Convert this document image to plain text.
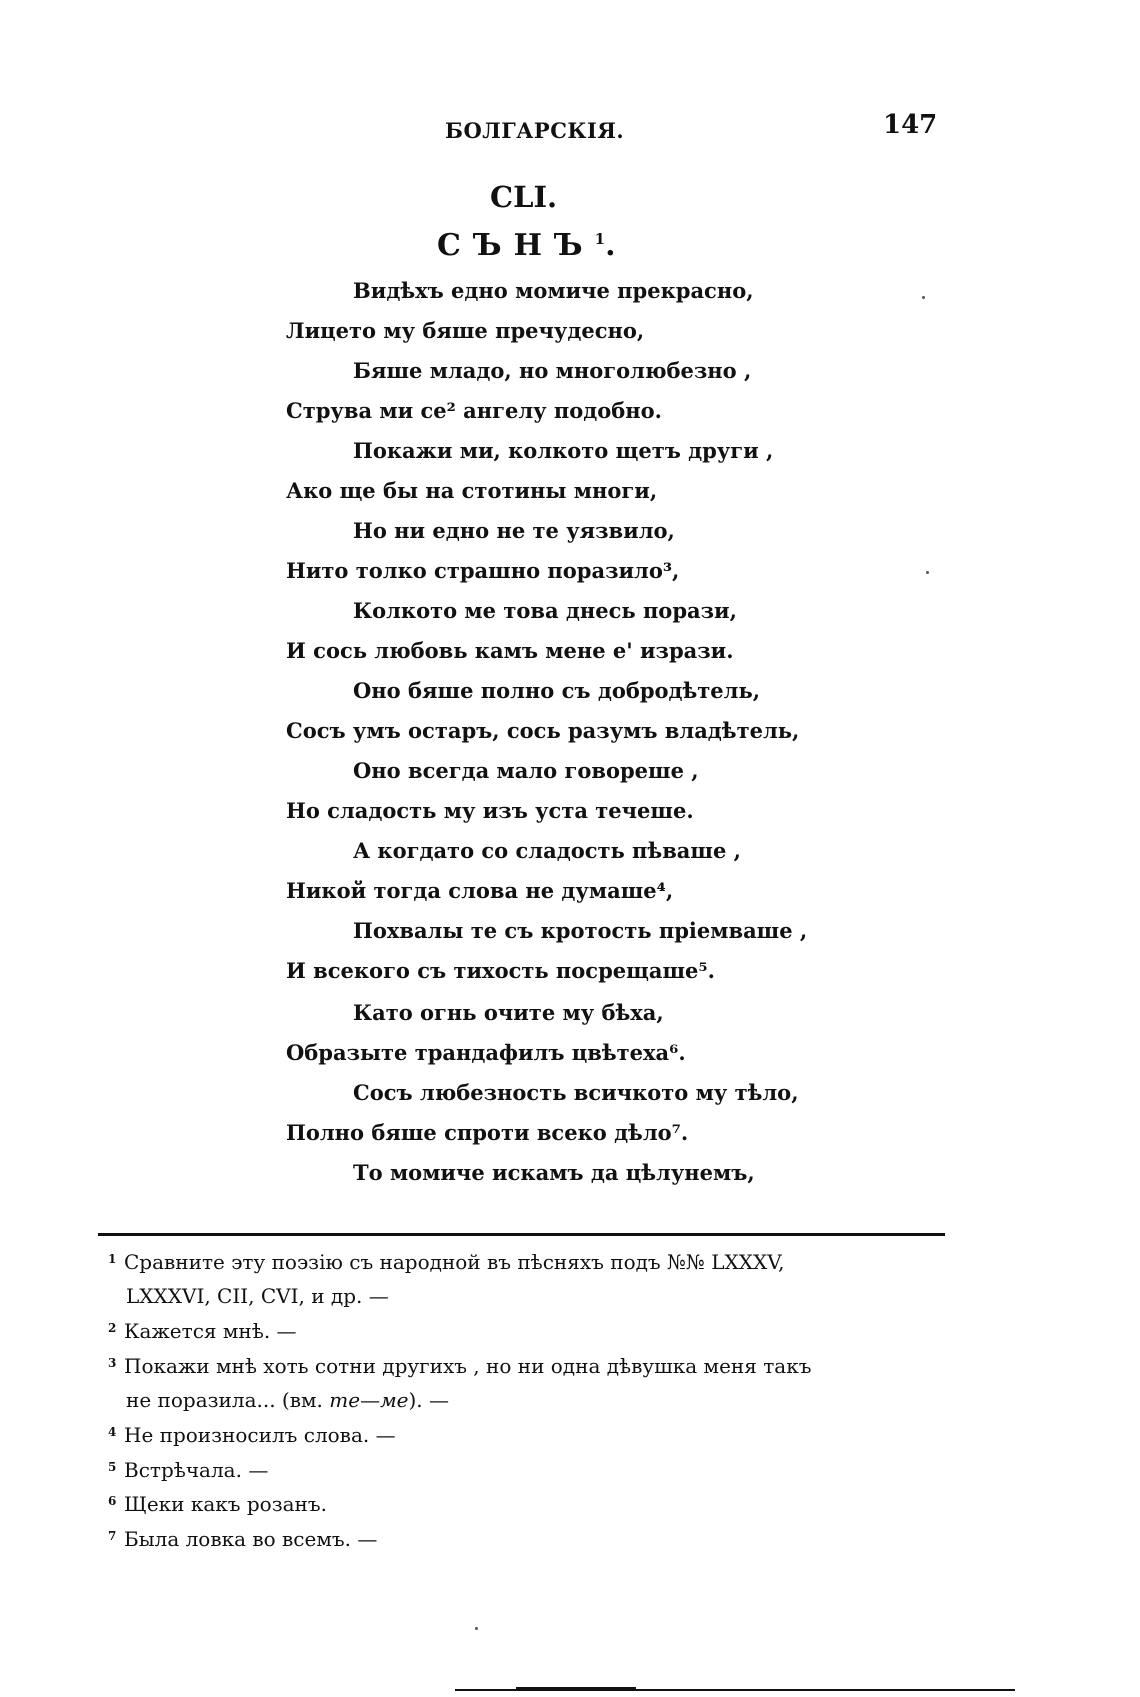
БОЛГАРСКІЯ.	147
CLI.
СЪНЪ$^1$.
Видѣхъ едно момиче прекрасно,
Лицето му бяше пречудесно,
Бяше младо, но многолюбезно ,
Струва ми се² ангелу подобно.
Покажи ми, колкото щетъ други ,
Ако ще бы на стотины многи,
Но ни едно не те уязвило,
Нито толко страшно поразило³,
Колкото ме това днесь порази,
И сось любовь камъ мене е' изрази.
Оно бяше полно съ добродѣтель,
Сосъ умъ остаръ, сось разумъ владѣтель,
Оно всегда мало говореше ,
Но сладость му изъ уста течеше.
А когдато со сладость пѣваше ,
Никой тогда слова не думаше⁴,
Похвалы те съ кротость пріемваше ,
И всекого съ тихость посрещаше⁵.
Като огнь очите му бѣха,
Образыте трандафилъ цвѣтеха⁶.
Сосъ любезность всичкото му тѣло,
Полно бяше спроти всеко дѣло⁷.
То момиче искамъ да цѣлунемъ,
1 Сравните эту поэзію съ народной въ пѣсняхъ подъ №№ LXXXV,
LXXXVI, CII, CVI, и др. —
2 Кажется мнѣ. —
3 Покажи мнѣ хоть сотни другихъ , но ни одна дѣвушка меня такъ
не поразила... (вм. те—ме). —
4 Не произносилъ слова. —
5 Встрѣчала. —
6 Щеки какъ розанъ.
7 Была ловка во всемъ. —
